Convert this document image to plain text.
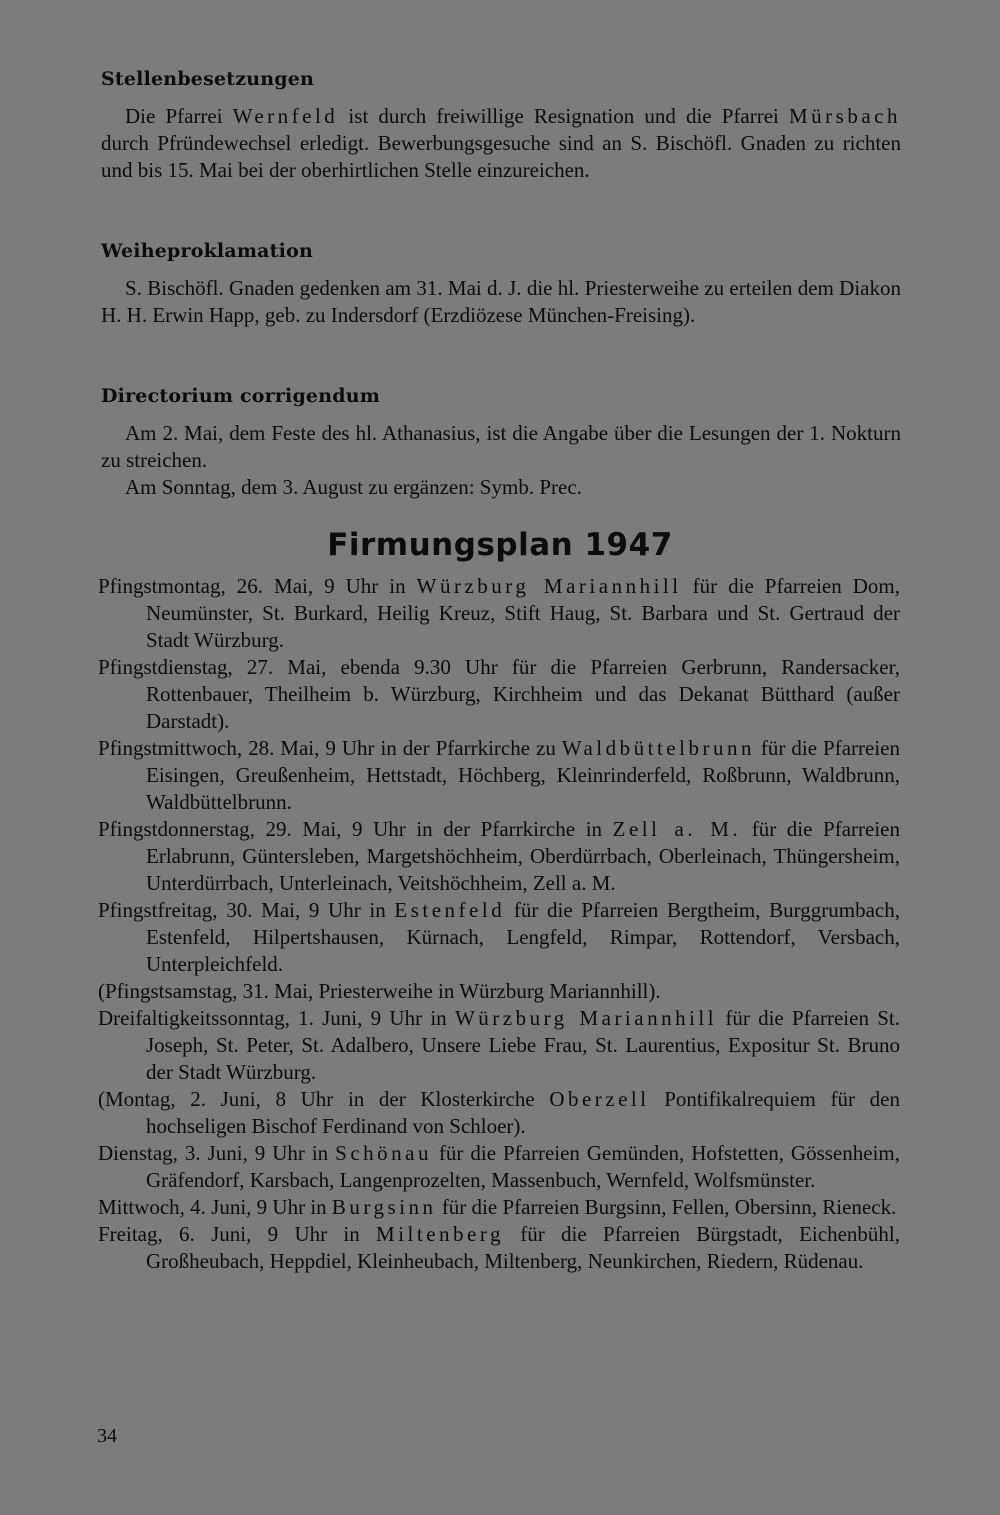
Stellenbesetzungen

Die Pfarrei Wernfeld ist durch freiwillige Resignation und die Pfarrei Mürsbach durch Pfründewechsel erledigt. Bewerbungsgesuche sind an S. Bischöfl. Gnaden zu richten und bis 15. Mai bei der oberhirtlichen Stelle einzureichen.

Weiheproklamation

S. Bischöfl. Gnaden gedenken am 31. Mai d. J. die hl. Priesterweihe zu erteilen dem Diakon H. H. Erwin Happ, geb. zu Indersdorf (Erzdiözese München-Freising).

Directorium corrigendum

Am 2. Mai, dem Feste des hl. Athanasius, ist die Angabe über die Lesungen der 1. Nokturn zu streichen.

Am Sonntag, dem 3. August zu ergänzen: Symb. Prec.

Firmungsplan 1947

Pfingstmontag, 26. Mai, 9 Uhr in Würzburg Mariannhill für die Pfarreien Dom, Neumünster, St. Burkard, Heilig Kreuz, Stift Haug, St. Barbara und St. Gertraud der Stadt Würzburg.

Pfingstdienstag, 27. Mai, ebenda 9.30 Uhr für die Pfarreien Gerbrunn, Randersacker, Rottenbauer, Theilheim b. Würzburg, Kirchheim und das Dekanat Bütthard (außer Darstadt).

Pfingstmittwoch, 28. Mai, 9 Uhr in der Pfarrkirche zu Waldbüttelbrunn für die Pfarreien Eisingen, Greußenheim, Hettstadt, Höchberg, Kleinrinderfeld, Roßbrunn, Waldbrunn, Waldbüttelbrunn.

Pfingstdonnerstag, 29. Mai, 9 Uhr in der Pfarrkirche in Zell a. M. für die Pfarreien Erlabrunn, Güntersleben, Margetshöchheim, Oberdürrbach, Oberleinach, Thüngersheim, Unterdürrbach, Unterleinach, Veitshöchheim, Zell a. M.

Pfingstfreitag, 30. Mai, 9 Uhr in Estenfeld für die Pfarreien Bergtheim, Burggrumbach, Estenfeld, Hilpertshausen, Kürnach, Lengfeld, Rimpar, Rottendorf, Versbach, Unterpleichfeld.

(Pfingstsamstag, 31. Mai, Priesterweihe in Würzburg Mariannhill).

Dreifaltigkeitssonntag, 1. Juni, 9 Uhr in Würzburg Mariannhill für die Pfarreien St. Joseph, St. Peter, St. Adalbero, Unsere Liebe Frau, St. Laurentius, Expositur St. Bruno der Stadt Würzburg.

(Montag, 2. Juni, 8 Uhr in der Klosterkirche Oberzell Pontifikalrequiem für den hochseligen Bischof Ferdinand von Schloer).

Dienstag, 3. Juni, 9 Uhr in Schönau für die Pfarreien Gemünden, Hofstetten, Gössenheim, Gräfendorf, Karsbach, Langenprozelten, Massenbuch, Wernfeld, Wolfsmünster.

Mittwoch, 4. Juni, 9 Uhr in Burgsinn für die Pfarreien Burgsinn, Fellen, Obersinn, Rieneck.

Freitag, 6. Juni, 9 Uhr in Miltenberg für die Pfarreien Bürgstadt, Eichenbühl, Großheubach, Heppdiel, Kleinheubach, Miltenberg, Neunkirchen, Riedern, Rüdenau.

34
